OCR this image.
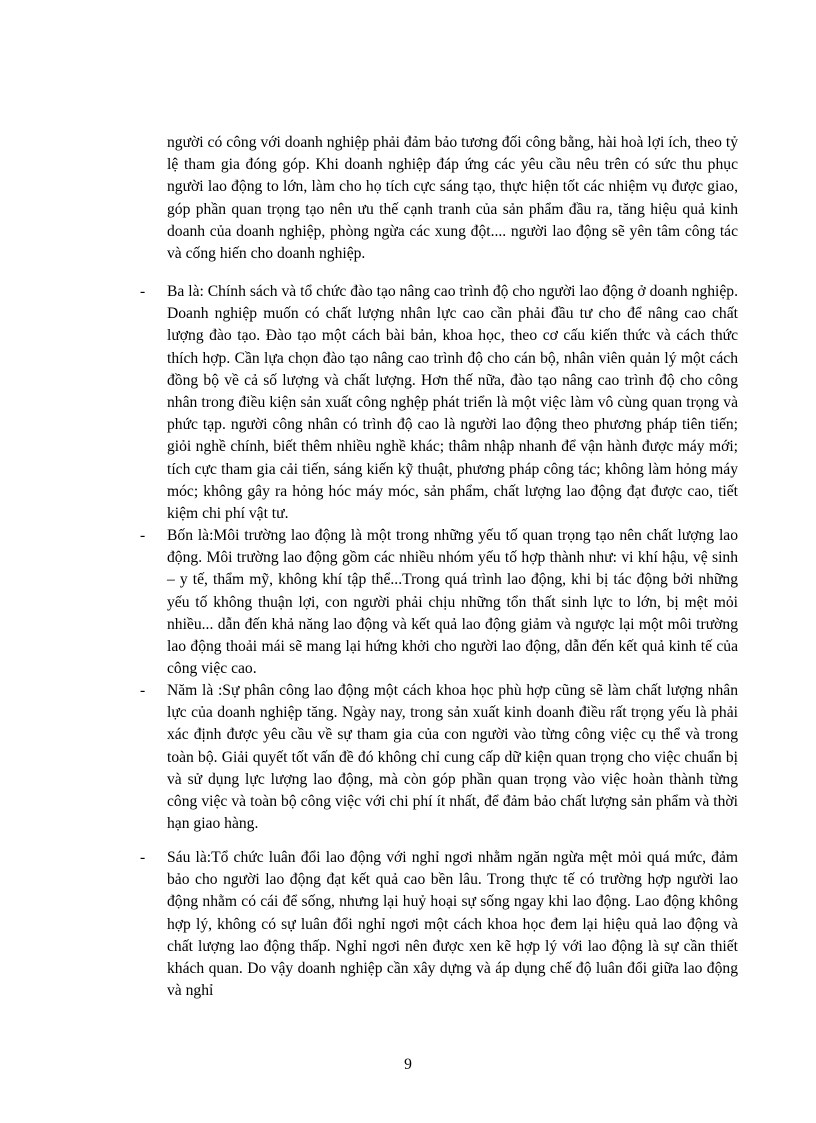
người có công với doanh nghiệp phải đảm bảo tương đối công bằng, hài hoà lợi ích, theo tỷ lệ tham gia đóng góp. Khi doanh nghiệp đáp ứng các yêu cầu nêu trên có sức thu phục người lao động to lớn, làm cho họ tích cực sáng tạo, thực hiện tốt các nhiệm vụ được giao, góp phần quan trọng tạo nên ưu thế cạnh tranh của sản phẩm đầu ra, tăng hiệu quả kinh doanh của doanh nghiệp, phòng ngừa các xung đột.... người lao động sẽ yên tâm công tác và cống hiến cho doanh nghiệp.

- Ba là: Chính sách và tổ chức đào tạo nâng cao trình độ cho người lao động ở doanh nghiệp. Doanh nghiệp muốn có chất lượng nhân lực cao cần phải đầu tư cho để nâng cao chất lượng đào tạo. Đào tạo một cách bài bản, khoa học, theo cơ cấu kiến thức và cách thức thích hợp. Cần lựa chọn đào tạo nâng cao trình độ cho cán bộ, nhân viên quản lý một cách đồng bộ về cả số lượng và chất lượng. Hơn thế nữa, đào tạo nâng cao trình độ cho công nhân trong điều kiện sản xuất công nghệp phát triển là một việc làm vô cùng quan trọng và phức tạp. người công nhân có trình độ cao là người lao động theo phương pháp tiên tiến; giỏi nghề chính, biết thêm nhiều nghề khác; thâm nhập nhanh để vận hành được máy mới; tích cực tham gia cải tiến, sáng kiến kỹ thuật, phương pháp công tác; không làm hỏng máy móc; không gây ra hỏng hóc máy móc, sản phẩm, chất lượng lao động đạt được cao, tiết kiệm chi phí vật tư.

- Bốn là:Môi trường lao động là một trong những yếu tố quan trọng tạo nên chất lượng lao động. Môi trường lao động gồm các nhiều nhóm yếu tố hợp thành như: vi khí hậu, vệ sinh – y tế, thẩm mỹ, không khí tập thể...Trong quá trình lao động, khi bị tác động bởi những yếu tố không thuận lợi, con người phải chịu những tổn thất sinh lực to lớn, bị mệt mỏi nhiều... dẫn đến khả năng lao động và kết quả lao động giảm và ngược lại một môi trường lao động thoải mái sẽ mang lại hứng khởi cho người lao động, dẫn đến kết quả kinh tế của công việc cao.

- Năm là :Sự phân công lao động một cách khoa học phù hợp cũng sẽ làm chất lượng nhân lực của doanh nghiệp tăng. Ngày nay, trong sản xuất kinh doanh điều rất trọng yếu là phải xác định được yêu cầu về sự tham gia của con người vào từng công việc cụ thể và trong toàn bộ. Giải quyết tốt vấn đề đó không chỉ cung cấp dữ kiện quan trọng cho việc chuẩn bị và sử dụng lực lượng lao động, mà còn góp phần quan trọng vào việc hoàn thành từng công việc và toàn bộ công việc với chi phí ít nhất, để đảm bảo chất lượng sản phẩm và thời hạn giao hàng.

- Sáu là:Tổ chức luân đổi lao động với nghỉ ngơi nhằm ngăn ngừa mệt mỏi quá mức, đảm bảo cho người lao động đạt kết quả cao bền lâu. Trong thực tế có trường hợp người lao động nhằm có cái để sống, nhưng lại huỷ hoại sự sống ngay khi lao động. Lao động không hợp lý, không có sự luân đổi nghỉ ngơi một cách khoa học đem lại hiệu quả lao động và chất lượng lao động thấp. Nghỉ ngơi nên được xen kẽ hợp lý với lao động là sự cần thiết khách quan. Do vậy doanh nghiệp cần xây dựng và áp dụng chế độ luân đổi giữa lao động và nghỉ

9
